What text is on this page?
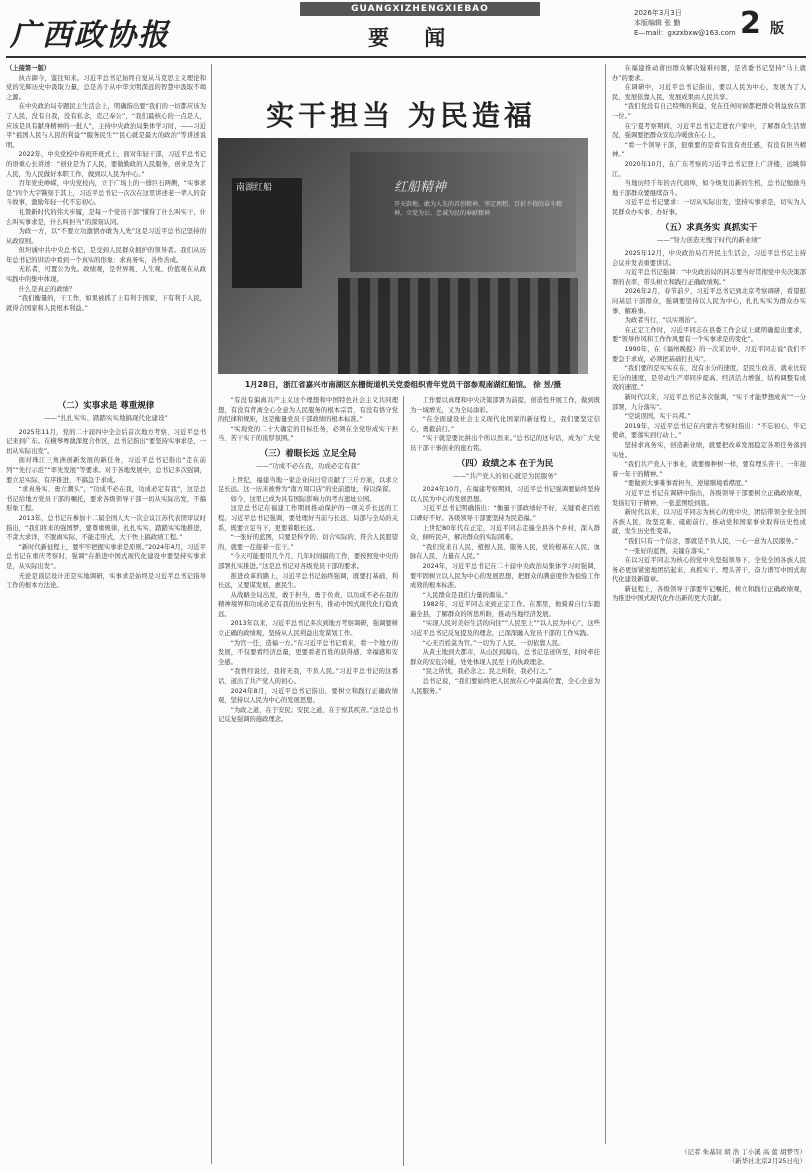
广西政协报
GUANGXIZHENGXIEBAO
要 闻
2026年3月3日
本版编辑 张 勤
E—mail：gxzxbxw@163.com 2 版
实干担当 为民造福
南湖红船	红船精神
开天辟地、敢为人先的首创精神，坚定理想、百折不挠的奋斗精神，立党为公、忠诚为民的奉献精神
1月28日，浙江省嘉兴市南湖区东栅街道机关党委组织青年党员干部参观南湖红船馆。 徐 昱/摄

（上接第一版）

执古御今，鉴往知来。习近平总书记始终自觉从马克思主义理论和党的光辉历史中汲取力量，总是善于从中华文明深远的智慧中汲取不竭之源。

在中央政治局专题民主生活会上，明确指出要“我们的一切都应该为了人民，没有自我，没有私念，克己奉公”，“我们最核心的一点是人，应该是具有献身精神的一批人”，主持中央政治局集体学习时，——习近平“祖国人民与人民的利益”“服务民生”“民心就是最大的政治”等讲述说明。

2022年，中央党校中春班开班式上，面对年轻干部，习近平总书记的语重心长讲述：“创业是为了人民，要做勤政的人民服务，创业是为了人民，为人民做好本职工作，做到以人民为中心。”

百年党史峥嵘，中央党校内，立于广场上的一排巨石两侧，“实事求是”四个大字镌刻于其上，习近平总书记一次次在这里讲述老一辈人的奋斗故事，激励年轻一代不忘初心。

礼赞新时代的伟大步履，是每一个党员干部“懂得了什么叫实干，什么叫实事求是，什么叫担当”的深刻认同。

为政一方，以“不要立功激情亦敢为人先”这是习近平总书记坚持的从政原则。

但坦诚中共中央总书记，是受到人民群众拥护的领导者。我们从历年总书记的讲话中看到一个真实的形象：求真务实，善作善成。

无私者，可置公为先。政绩观，是世界观、人生观、价值观在从政实践中的集中体现。

什么是真正的政绩？

“我们衡量的，干工作，如果被抓了上有利于国家，下有利于人民，就得合国家和人民根本利益。”

（二）实事求是 尊重规律
——“扎扎实实、踏踏实实地搞现代化建设”

2025年11月，党的二十届四中全会后首次地方考察，习近平总书记来到广东。在横琴粤澳深度合作区，总书记指出“要坚持实事求是，一切从实际出发”。

面对珠江三角洲创新发展的新任务，习近平总书记指出“走在前列”“先行示范”“率先发展”等要求。对于各地发展中，总书记多次强调，要立足实际、有序推进，不搞急于求成。

“求真务实、勇立潮头”，“功成不必在我，功成必定有我”，这是总书记给地方党员干部的嘱托，要求各级领导干部一切从实际出发，不搞形象工程。

2013年，总书记在参加十二届全国人大一次会议江苏代表团审议时指出，“我们将来的强国梦，要尊重规律，扎扎实实、踏踏实实地推进，不贪大求洋，不脱离实际，不能走形式，大干快上搞政绩工程。”

“新时代新征程上，要牢牢把握实事求是原则。”2024年4月，习近平总书记在重庆考察时，强调“在推进中国式现代化建设中要坚持实事求是，从实际出发”。

无论是顶层设计还是实地调研，实事求是始终是习近平总书记指导工作的根本方法论。

“有没有偏离共产主义这个理想和中国特色社会主义共同理想，有没有背离全心全意为人民服务的根本宗旨，有没有恪守党的纪律和规矩，这是衡量党员干部政绩的根本标准。”

“实现党的二十大确定的目标任务，必须在全党形成实干担当、苦干实干的浓厚氛围。”

（三）着眼长远 立足全局
——“功成不必在我，功成必定有我”

上世纪，福建当地一家企业向日常贡献了三斤方案，以求立足长远。这一历来被誉为“南方周口店”的史前遗址，得以保留。

如今，这里已成为具有国际影响力的考古遗址公园。

这是总书记在福建工作期间推动保护的一项关乎长远的工程。习近平总书记强调，要处理好当前与长远、局部与全局的关系，既要立足当下，更要着眼长远。

“一张好的蓝图，只要是科学的、切合实际的、符合人民愿望的，就要一茬接着一茬干。”

“今天可能要用几个月、几年时间搞的工作，要按照党中央的部署扎实推进。”这是总书记对各级党员干部的要求。

推进改革的路上，习近平总书记始终强调，既要打基础、利长远，又要谋发展、惠民生。

从战略全局出发，敢于担当，勇于负责，以功成不必在我的精神境界和功成必定有我的历史担当，推动中国式现代化行稳致远。

2013年以来，习近平总书记多次到地方考察调研，强调要树立正确的政绩观，坚持从人民利益出发谋划工作。

“为官一任，造福一方。”在习近平总书记看来，看一个地方的发展，不仅要看经济总量，更要看老百姓的获得感、幸福感和安全感。

“我曾经说过，我将无我，不负人民。”习近平总书记的这番话，道出了共产党人的初心。

2024年8月，习近平总书记指出，要树立和践行正确政绩观，坚持以人民为中心的发展思想。

“为政之道，在于安民；安民之道，在于察其疾苦。”这是总书记反复强调的施政理念。

工作要以真理和中央决策部署为前提，创造性开展工作，做到既为一域增光，又为全局添彩。

“在全面建设社会主义现代化国家的新征程上，我们要坚定信心，勇毅前行。”

“实干就是要比拼出个所以然来。”总书记的这句话，成为广大党员干部干事创业的座右铭。

（四）政绩之本 在于为民
——“共产党人的初心就是为民服务”

2024年10月，在福建考察期间，习近平总书记强调要始终坚持以人民为中心的发展思想。

习近平总书记明确指出：“衡量干部政绩好不好，关键看老百姓口碑好不好。各级领导干部要坚持为民造福。”

上世纪80年代在正定，习近平同志走遍全县各个乡村，深入群众，倾听民声，解决群众的实际困难。

“我们党来自人民、植根人民、服务人民，党的根基在人民、血脉在人民、力量在人民。”

2024年，习近平总书记在二十届中央政治局集体学习时强调，要牢固树立以人民为中心的发展思想，把群众的满意度作为检验工作成效的根本标准。

“人民群众是我们力量的源泉。”

1982年，习近平同志来到正定工作。在那里，他骑着自行车跑遍全县，了解群众的所思所盼，推动当地经济发展。

“实现人民对美好生活的向往”“人民至上”“以人民为中心”，这些习近平总书记反复提及的理念，已深深融入党员干部的工作实践。

“心无百姓莫为官。”一切为了人民，一切依靠人民。

从黄土地到大都市，从山区到海岛，总书记足迹所至，时时牵挂群众的安危冷暖，处处体现人民至上的执政理念。

“民之所忧，我必念之；民之所盼，我必行之。”

总书记说，“我们要始终把人民放在心中最高位置，全心全意为人民服务。”

在福建推动莆田群众解决疑难问题，是省委书记坚持“马上就办”的要求。

在调研中，习近平总书记指出，要以人民为中心，发展为了人民，发展依靠人民，发展成果由人民共享。

“我们党没有自己特殊的利益，党在任何时候都把群众利益放在第一位。”

在宁夏考察期间，习近平总书记走进农户家中，了解群众生活情况，强调要把群众安危冷暖放在心上。

“看一个领导干部，很重要的是看有没有责任感，有没有担当精神。”

2020年10月，在广东考察的习近平总书记登上广济楼，远眺韩江。

当地历经千年的古代商埠，如今焕发出新的生机，总书记勉励当地干部群众要继续奋斗。

习近平总书记要求：一切从实际出发，坚持实事求是，切实为人民群众办实事、办好事。

（五）求真务实 真抓实干
——“努力创造无愧于时代的新业绩”

2025年12月，中央政治局召开民主生活会，习近平总书记主持会议并发表重要讲话。

习近平总书记强调：“中央政治局的同志要当好贯彻党中央决策部署的表率，带头树立和践行正确政绩观。”

2026年2月，春节前夕，习近平总书记到北京考察调研，看望慰问基层干部群众，强调要坚持以人民为中心，扎扎实实为群众办实事、解难事。

为政者当行，“以实则治”。

在正定工作时，习近平同志在县委工作会议上就明确提出要求，要“领导作风和工作作风要有一个实事求是的变化”。

1990年，在《福州晚报》的一次采访中，习近平同志说“我们不要急于求成，必须把基础打扎实”。

“我们要的是实实在在、没有水分的速度，是民生改善、就业比较充分的速度，是劳动生产率同步提高、经济活力增强、结构调整有成效的速度。”

新时代以来，习近平总书记多次强调，“实干才能梦想成真”“一分部署，九分落实”。

“空谈误国，实干兴邦。”

2019年，习近平总书记在内蒙古考察时指出：“不忘初心，牢记使命，要落实到行动上。”

坚持求真务实，创造新业绩，就要把改革发展稳定各项任务落到实处。

“我们共产党人干事业，就要像种树一样，要有埋头苦干、一年接着一年干的精神。”

“要做到大事难事看担当，逆境顺境看襟度。”

习近平总书记在调研中指出，各级领导干部要树立正确政绩观，发扬钉钉子精神，一张蓝图绘到底。

新时代以来，以习近平同志为核心的党中央，团结带领全党全国各族人民，攻坚克难、砥砺前行，推动党和国家事业取得历史性成就、发生历史性变革。

“我们只有一个信念，那就是不负人民，一心一意为人民服务。”

“一张好的蓝图，关键在落实。”

在以习近平同志为核心的党中央坚强领导下，全党全国各族人民务必更加紧密地团结起来，真抓实干、埋头苦干，奋力谱写中国式现代化建设新篇章。

新征程上，各级领导干部要牢记嘱托，树立和践行正确政绩观，为推进中国式现代化作出新的更大贡献。

（记者 朱基钗 胡 浩 丁小溪 高 蕾 胡梦雪）
（新华社北京2月25日电）
